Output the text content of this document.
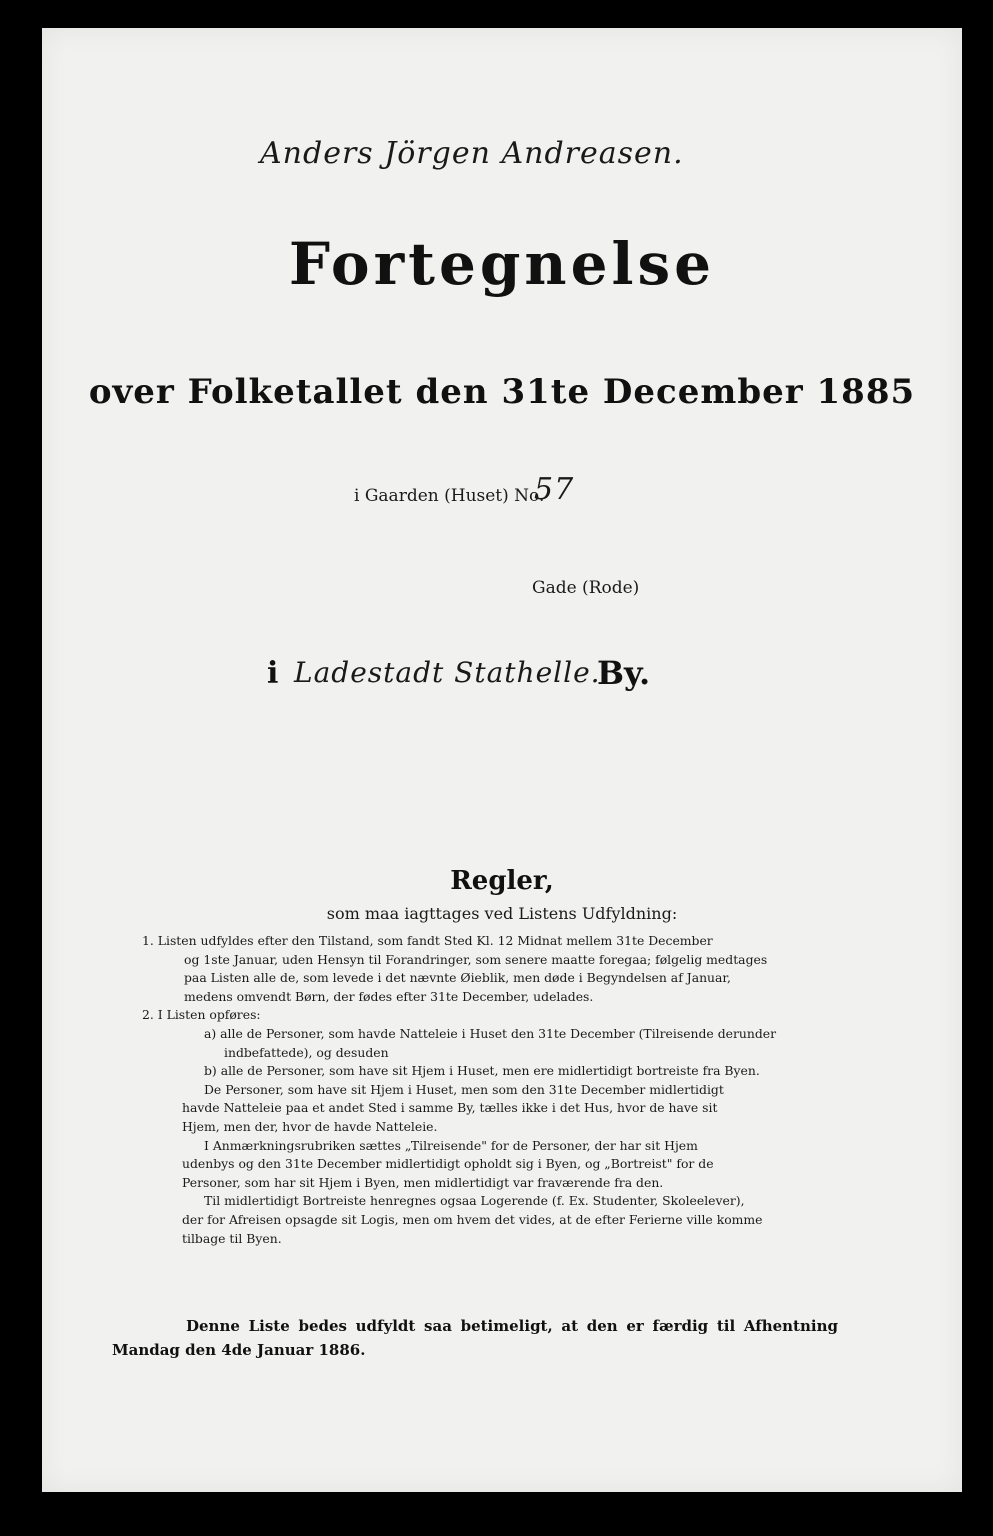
Anders Jörgen Andreasen.
Fortegnelse
over Folketallet den 31te December 1885
i Gaarden (Huset) No.
57
Gade (Rode)
i Ladestadt Stathelle.
By.
Regler,
som maa iagttages ved Listens Udfyldning:
1. Listen udfyldes efter den Tilstand, som fandt Sted Kl. 12 Midnat mellem 31te December
og 1ste Januar, uden Hensyn til Forandringer, som senere maatte foregaa; følgelig medtages
paa Listen alle de, som levede i det nævnte Øieblik, men døde i Begyndelsen af Januar,
medens omvendt Børn, der fødes efter 31te December, udelades.
2. I Listen opføres:
a) alle de Personer, som havde Natteleie i Huset den 31te December (Tilreisende derunder
indbefattede), og desuden
b) alle de Personer, som have sit Hjem i Huset, men ere midlertidigt bortreiste fra Byen.
De Personer, som have sit Hjem i Huset, men som den 31te December midlertidigt
havde Natteleie paa et andet Sted i samme By, tælles ikke i det Hus, hvor de have sit
Hjem, men der, hvor de havde Natteleie.
I Anmærkningsrubriken sættes „Tilreisende" for de Personer, der har sit Hjem
udenbys og den 31te December midlertidigt opholdt sig i Byen, og „Bortreist" for de
Personer, som har sit Hjem i Byen, men midlertidigt var fraværende fra den.
Til midlertidigt Bortreiste henregnes ogsaa Logerende (f. Ex. Studenter, Skoleelever),
der for Afreisen opsagde sit Logis, men om hvem det vides, at de efter Ferierne ville komme
tilbage til Byen.
Denne Liste bedes udfyldt saa betimeligt, at den er færdig til Afhentning
Mandag den 4de Januar 1886.
